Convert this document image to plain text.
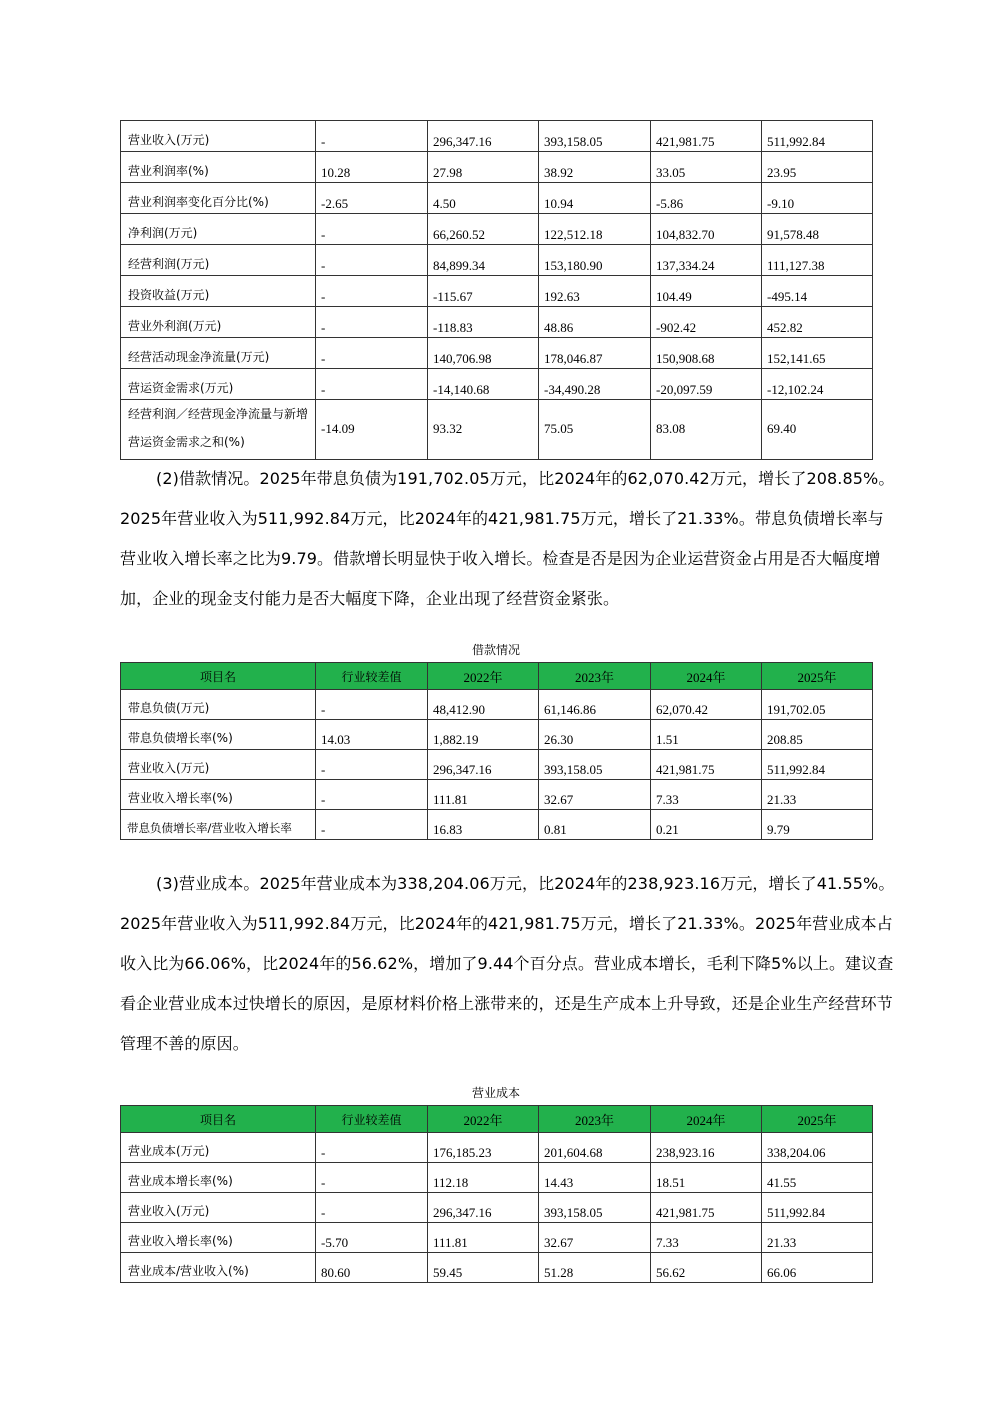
营业收入(万元)	-	296,347.16	393,158.05	421,981.75	511,992.84
营业利润率(%)	10.28	27.98	38.92	33.05	23.95
营业利润率变化百分比(%)	-2.65	4.50	10.94	-5.86	-9.10
净利润(万元)	-	66,260.52	122,512.18	104,832.70	91,578.48
经营利润(万元)	-	84,899.34	153,180.90	137,334.24	111,127.38
投资收益(万元)	-	-115.67	192.63	104.49	-495.14
营业外利润(万元)	-	-118.83	48.86	-902.42	452.82
经营活动现金净流量(万元)	-	140,706.98	178,046.87	150,908.68	152,141.65
营运资金需求(万元)	-	-14,140.68	-34,490.28	-20,097.59	-12,102.24
经营利润／经营现金净流量与新增营运资金需求之和(%)	-14.09	93.32	75.05	83.08	69.40

(2)借款情况。2025年带息负债为191,702.05万元，比2024年的62,070.42万元，增长了208.85%。2025年营业收入为511,992.84万元，比2024年的421,981.75万元，增长了21.33%。带息负债增长率与营业收入增长率之比为9.79。借款增长明显快于收入增长。检查是否是因为企业运营资金占用是否大幅度增加，企业的现金支付能力是否大幅度下降，企业出现了经营资金紧张。

借款情况
项目名	行业较差值	2022年	2023年	2024年	2025年
带息负债(万元)	-	48,412.90	61,146.86	62,070.42	191,702.05
带息负债增长率(%)	14.03	1,882.19	26.30	1.51	208.85
营业收入(万元)	-	296,347.16	393,158.05	421,981.75	511,992.84
营业收入增长率(%)	-	111.81	32.67	7.33	21.33
带息负债增长率/营业收入增长率	-	16.83	0.81	0.21	9.79

(3)营业成本。2025年营业成本为338,204.06万元，比2024年的238,923.16万元，增长了41.55%。2025年营业收入为511,992.84万元，比2024年的421,981.75万元，增长了21.33%。2025年营业成本占收入比为66.06%，比2024年的56.62%，增加了9.44个百分点。营业成本增长，毛利下降5%以上。建议查看企业营业成本过快增长的原因，是原材料价格上涨带来的，还是生产成本上升导致，还是企业生产经营环节管理不善的原因。

营业成本
项目名	行业较差值	2022年	2023年	2024年	2025年
营业成本(万元)	-	176,185.23	201,604.68	238,923.16	338,204.06
营业成本增长率(%)	-	112.18	14.43	18.51	41.55
营业收入(万元)	-	296,347.16	393,158.05	421,981.75	511,992.84
营业收入增长率(%)	-5.70	111.81	32.67	7.33	21.33
营业成本/营业收入(%)	80.60	59.45	51.28	56.62	66.06
